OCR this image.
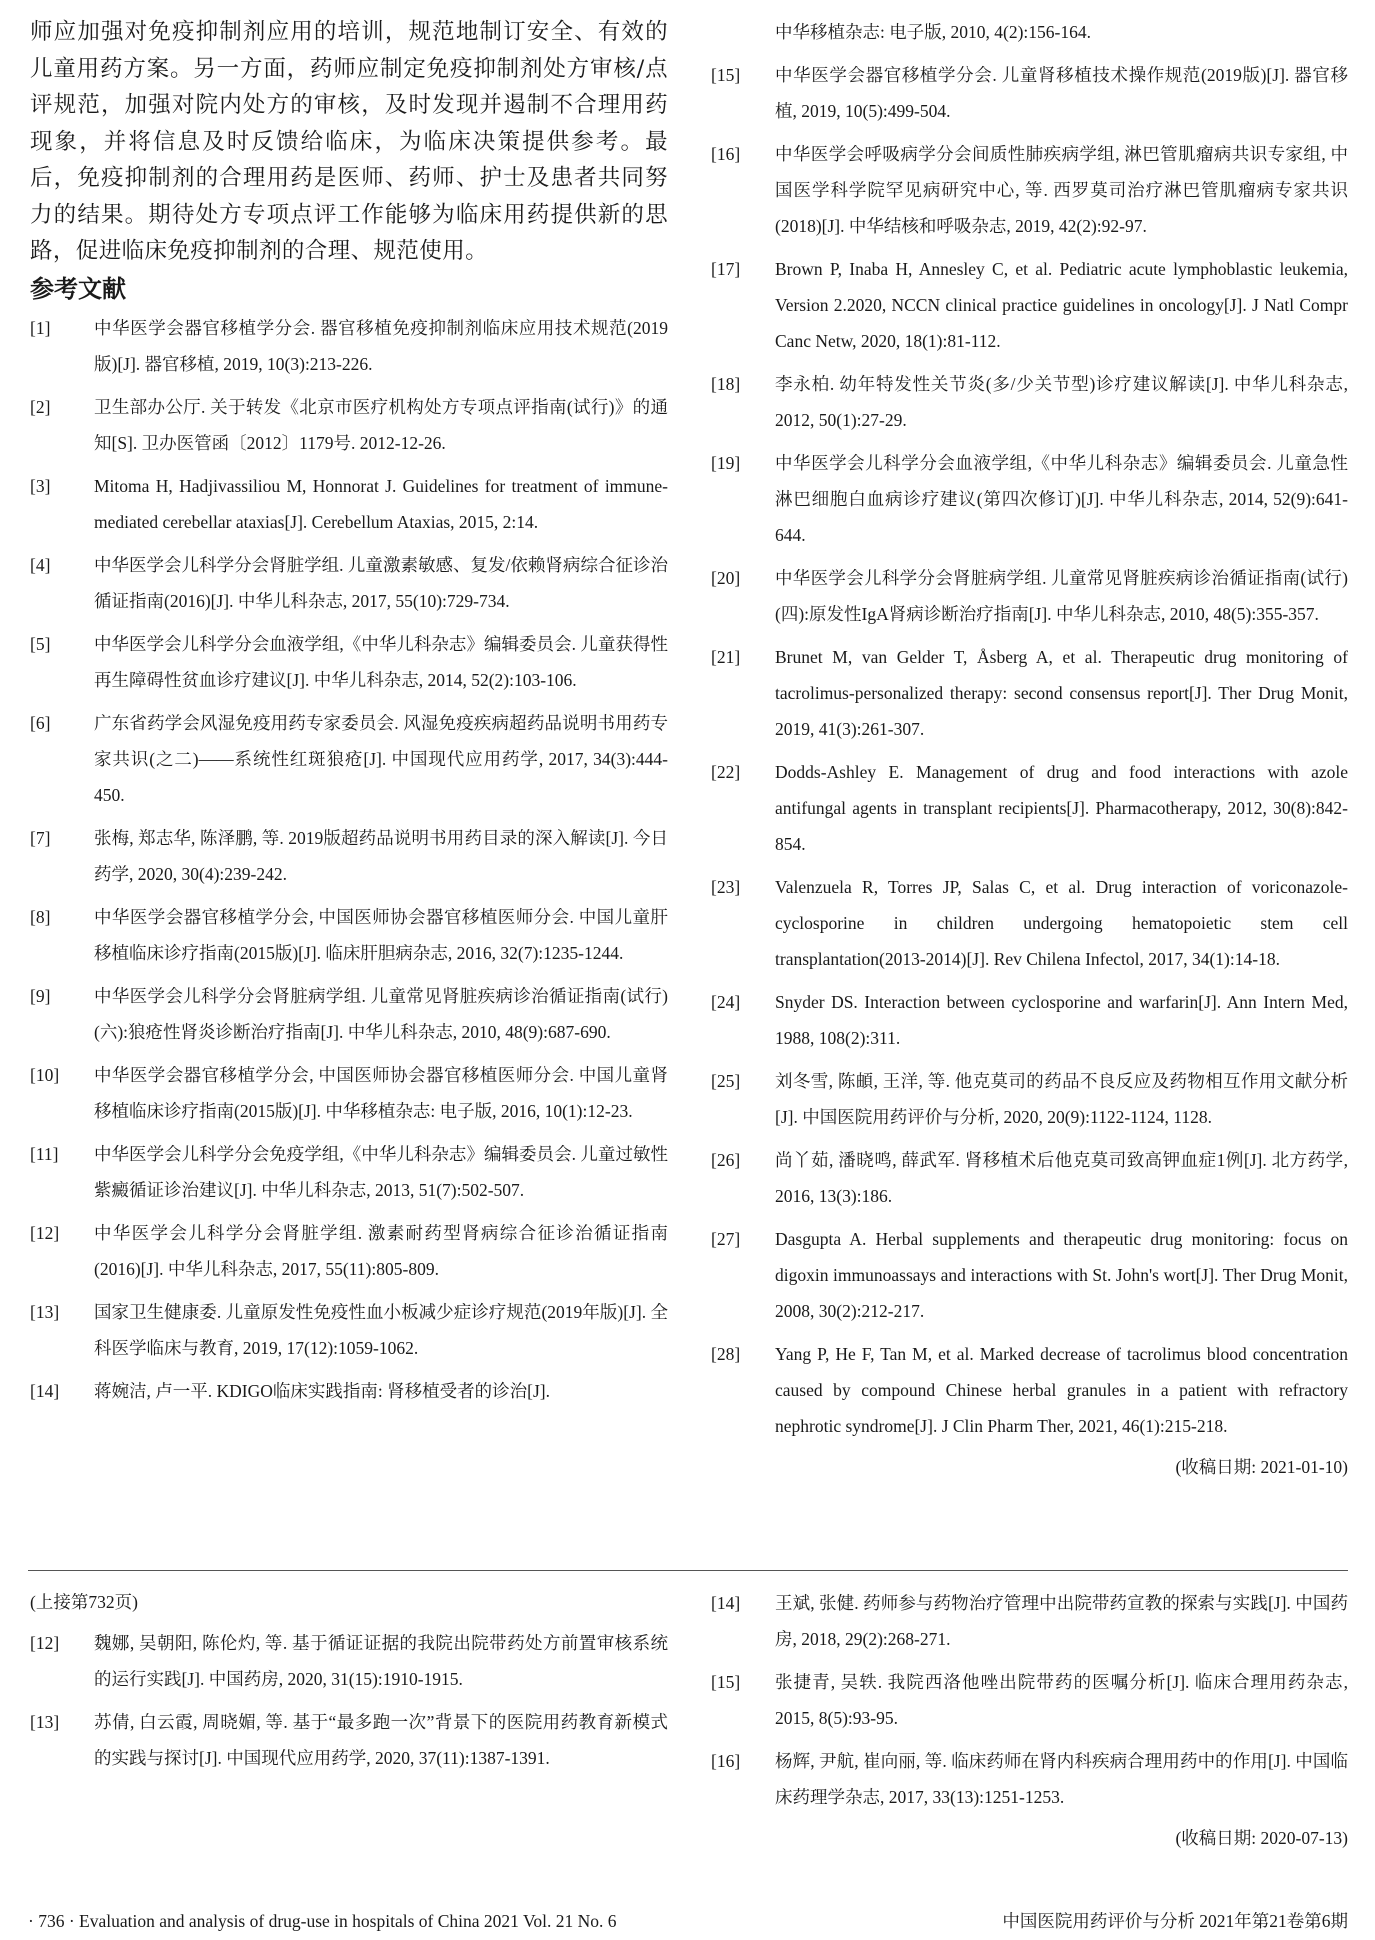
师应加强对免疫抑制剂应用的培训，规范地制订安全、有效的儿童用药方案。另一方面，药师应制定免疫抑制剂处方审核/点评规范，加强对院内处方的审核，及时发现并遏制不合理用药现象，并将信息及时反馈给临床，为临床决策提供参考。最后，免疫抑制剂的合理用药是医师、药师、护士及患者共同努力的结果。期待处方专项点评工作能够为临床用药提供新的思路，促进临床免疫抑制剂的合理、规范使用。

参考文献
[1]	中华医学会器官移植学分会. 器官移植免疫抑制剂临床应用技术规范(2019版)[J]. 器官移植, 2019, 10(3):213-226.

[2]	卫生部办公厅. 关于转发《北京市医疗机构处方专项点评指南(试行)》的通知[S]. 卫办医管函〔2012〕1179号. 2012-12-26.

[3]	Mitoma H, Hadjivassiliou M, Honnorat J. Guidelines for treatment of immune-mediated cerebellar ataxias[J]. Cerebellum Ataxias, 2015, 2:14.

[4]	中华医学会儿科学分会肾脏学组. 儿童激素敏感、复发/依赖肾病综合征诊治循证指南(2016)[J]. 中华儿科杂志, 2017, 55(10):729-734.

[5]	中华医学会儿科学分会血液学组,《中华儿科杂志》编辑委员会. 儿童获得性再生障碍性贫血诊疗建议[J]. 中华儿科杂志, 2014, 52(2):103-106.

[6]	广东省药学会风湿免疫用药专家委员会. 风湿免疫疾病超药品说明书用药专家共识(之二)——系统性红斑狼疮[J]. 中国现代应用药学, 2017, 34(3):444-450.

[7]	张梅, 郑志华, 陈泽鹏, 等. 2019版超药品说明书用药目录的深入解读[J]. 今日药学, 2020, 30(4):239-242.

[8]	中华医学会器官移植学分会, 中国医师协会器官移植医师分会. 中国儿童肝移植临床诊疗指南(2015版)[J]. 临床肝胆病杂志, 2016, 32(7):1235-1244.

[9]	中华医学会儿科学分会肾脏病学组. 儿童常见肾脏疾病诊治循证指南(试行)(六):狼疮性肾炎诊断治疗指南[J]. 中华儿科杂志, 2010, 48(9):687-690.

[10]	中华医学会器官移植学分会, 中国医师协会器官移植医师分会. 中国儿童肾移植临床诊疗指南(2015版)[J]. 中华移植杂志: 电子版, 2016, 10(1):12-23.

[11]	中华医学会儿科学分会免疫学组,《中华儿科杂志》编辑委员会. 儿童过敏性紫癜循证诊治建议[J]. 中华儿科杂志, 2013, 51(7):502-507.

[12]	中华医学会儿科学分会肾脏学组. 激素耐药型肾病综合征诊治循证指南(2016)[J]. 中华儿科杂志, 2017, 55(11):805-809.

[13]	国家卫生健康委. 儿童原发性免疫性血小板减少症诊疗规范(2019年版)[J]. 全科医学临床与教育, 2019, 17(12):1059-1062.

[14]	蒋婉洁, 卢一平. KDIGO临床实践指南: 肾移植受者的诊治[J].

中华移植杂志: 电子版, 2010, 4(2):156-164.

[15]	中华医学会器官移植学分会. 儿童肾移植技术操作规范(2019版)[J]. 器官移植, 2019, 10(5):499-504.

[16]	中华医学会呼吸病学分会间质性肺疾病学组, 淋巴管肌瘤病共识专家组, 中国医学科学院罕见病研究中心, 等. 西罗莫司治疗淋巴管肌瘤病专家共识(2018)[J]. 中华结核和呼吸杂志, 2019, 42(2):92-97.

[17]	Brown P, Inaba H, Annesley C, et al. Pediatric acute lymphoblastic leukemia, Version 2.2020, NCCN clinical practice guidelines in oncology[J]. J Natl Compr Canc Netw, 2020, 18(1):81-112.

[18]	李永柏. 幼年特发性关节炎(多/少关节型)诊疗建议解读[J]. 中华儿科杂志, 2012, 50(1):27-29.

[19]	中华医学会儿科学分会血液学组,《中华儿科杂志》编辑委员会. 儿童急性淋巴细胞白血病诊疗建议(第四次修订)[J]. 中华儿科杂志, 2014, 52(9):641-644.

[20]	中华医学会儿科学分会肾脏病学组. 儿童常见肾脏疾病诊治循证指南(试行)(四):原发性IgA肾病诊断治疗指南[J]. 中华儿科杂志, 2010, 48(5):355-357.

[21]	Brunet M, van Gelder T, Åsberg A, et al. Therapeutic drug monitoring of tacrolimus-personalized therapy: second consensus report[J]. Ther Drug Monit, 2019, 41(3):261-307.

[22]	Dodds-Ashley E. Management of drug and food interactions with azole antifungal agents in transplant recipients[J]. Pharmacotherapy, 2012, 30(8):842-854.

[23]	Valenzuela R, Torres JP, Salas C, et al. Drug interaction of voriconazole-cyclosporine in children undergoing hematopoietic stem cell transplantation(2013-2014)[J]. Rev Chilena Infectol, 2017, 34(1):14-18.

[24]	Snyder DS. Interaction between cyclosporine and warfarin[J]. Ann Intern Med, 1988, 108(2):311.

[25]	刘冬雪, 陈頔, 王洋, 等. 他克莫司的药品不良反应及药物相互作用文献分析[J]. 中国医院用药评价与分析, 2020, 20(9):1122-1124, 1128.

[26]	尚丫茹, 潘晓鸣, 薛武军. 肾移植术后他克莫司致高钾血症1例[J]. 北方药学, 2016, 13(3):186.

[27]	Dasgupta A. Herbal supplements and therapeutic drug monitoring: focus on digoxin immunoassays and interactions with St. John's wort[J]. Ther Drug Monit, 2008, 30(2):212-217.

[28]	Yang P, He F, Tan M, et al. Marked decrease of tacrolimus blood concentration caused by compound Chinese herbal granules in a patient with refractory nephrotic syndrome[J]. J Clin Pharm Ther, 2021, 46(1):215-218.

(收稿日期: 2021-01-10)
(上接第732页)
[12]	魏娜, 吴朝阳, 陈伦灼, 等. 基于循证证据的我院出院带药处方前置审核系统的运行实践[J]. 中国药房, 2020, 31(15):1910-1915.

[13]	苏倩, 白云霞, 周晓媚, 等. 基于“最多跑一次”背景下的医院用药教育新模式的实践与探讨[J]. 中国现代应用药学, 2020, 37(11):1387-1391.

[14]	王斌, 张健. 药师参与药物治疗管理中出院带药宣教的探索与实践[J]. 中国药房, 2018, 29(2):268-271.

[15]	张捷青, 吴轶. 我院西洛他唑出院带药的医嘱分析[J]. 临床合理用药杂志, 2015, 8(5):93-95.

[16]	杨辉, 尹航, 崔向丽, 等. 临床药师在肾内科疾病合理用药中的作用[J]. 中国临床药理学杂志, 2017, 33(13):1251-1253.

(收稿日期: 2020-07-13)
· 736 · Evaluation and analysis of drug-use in hospitals of China 2021 Vol. 21 No. 6	中国医院用药评价与分析 2021年第21卷第6期
